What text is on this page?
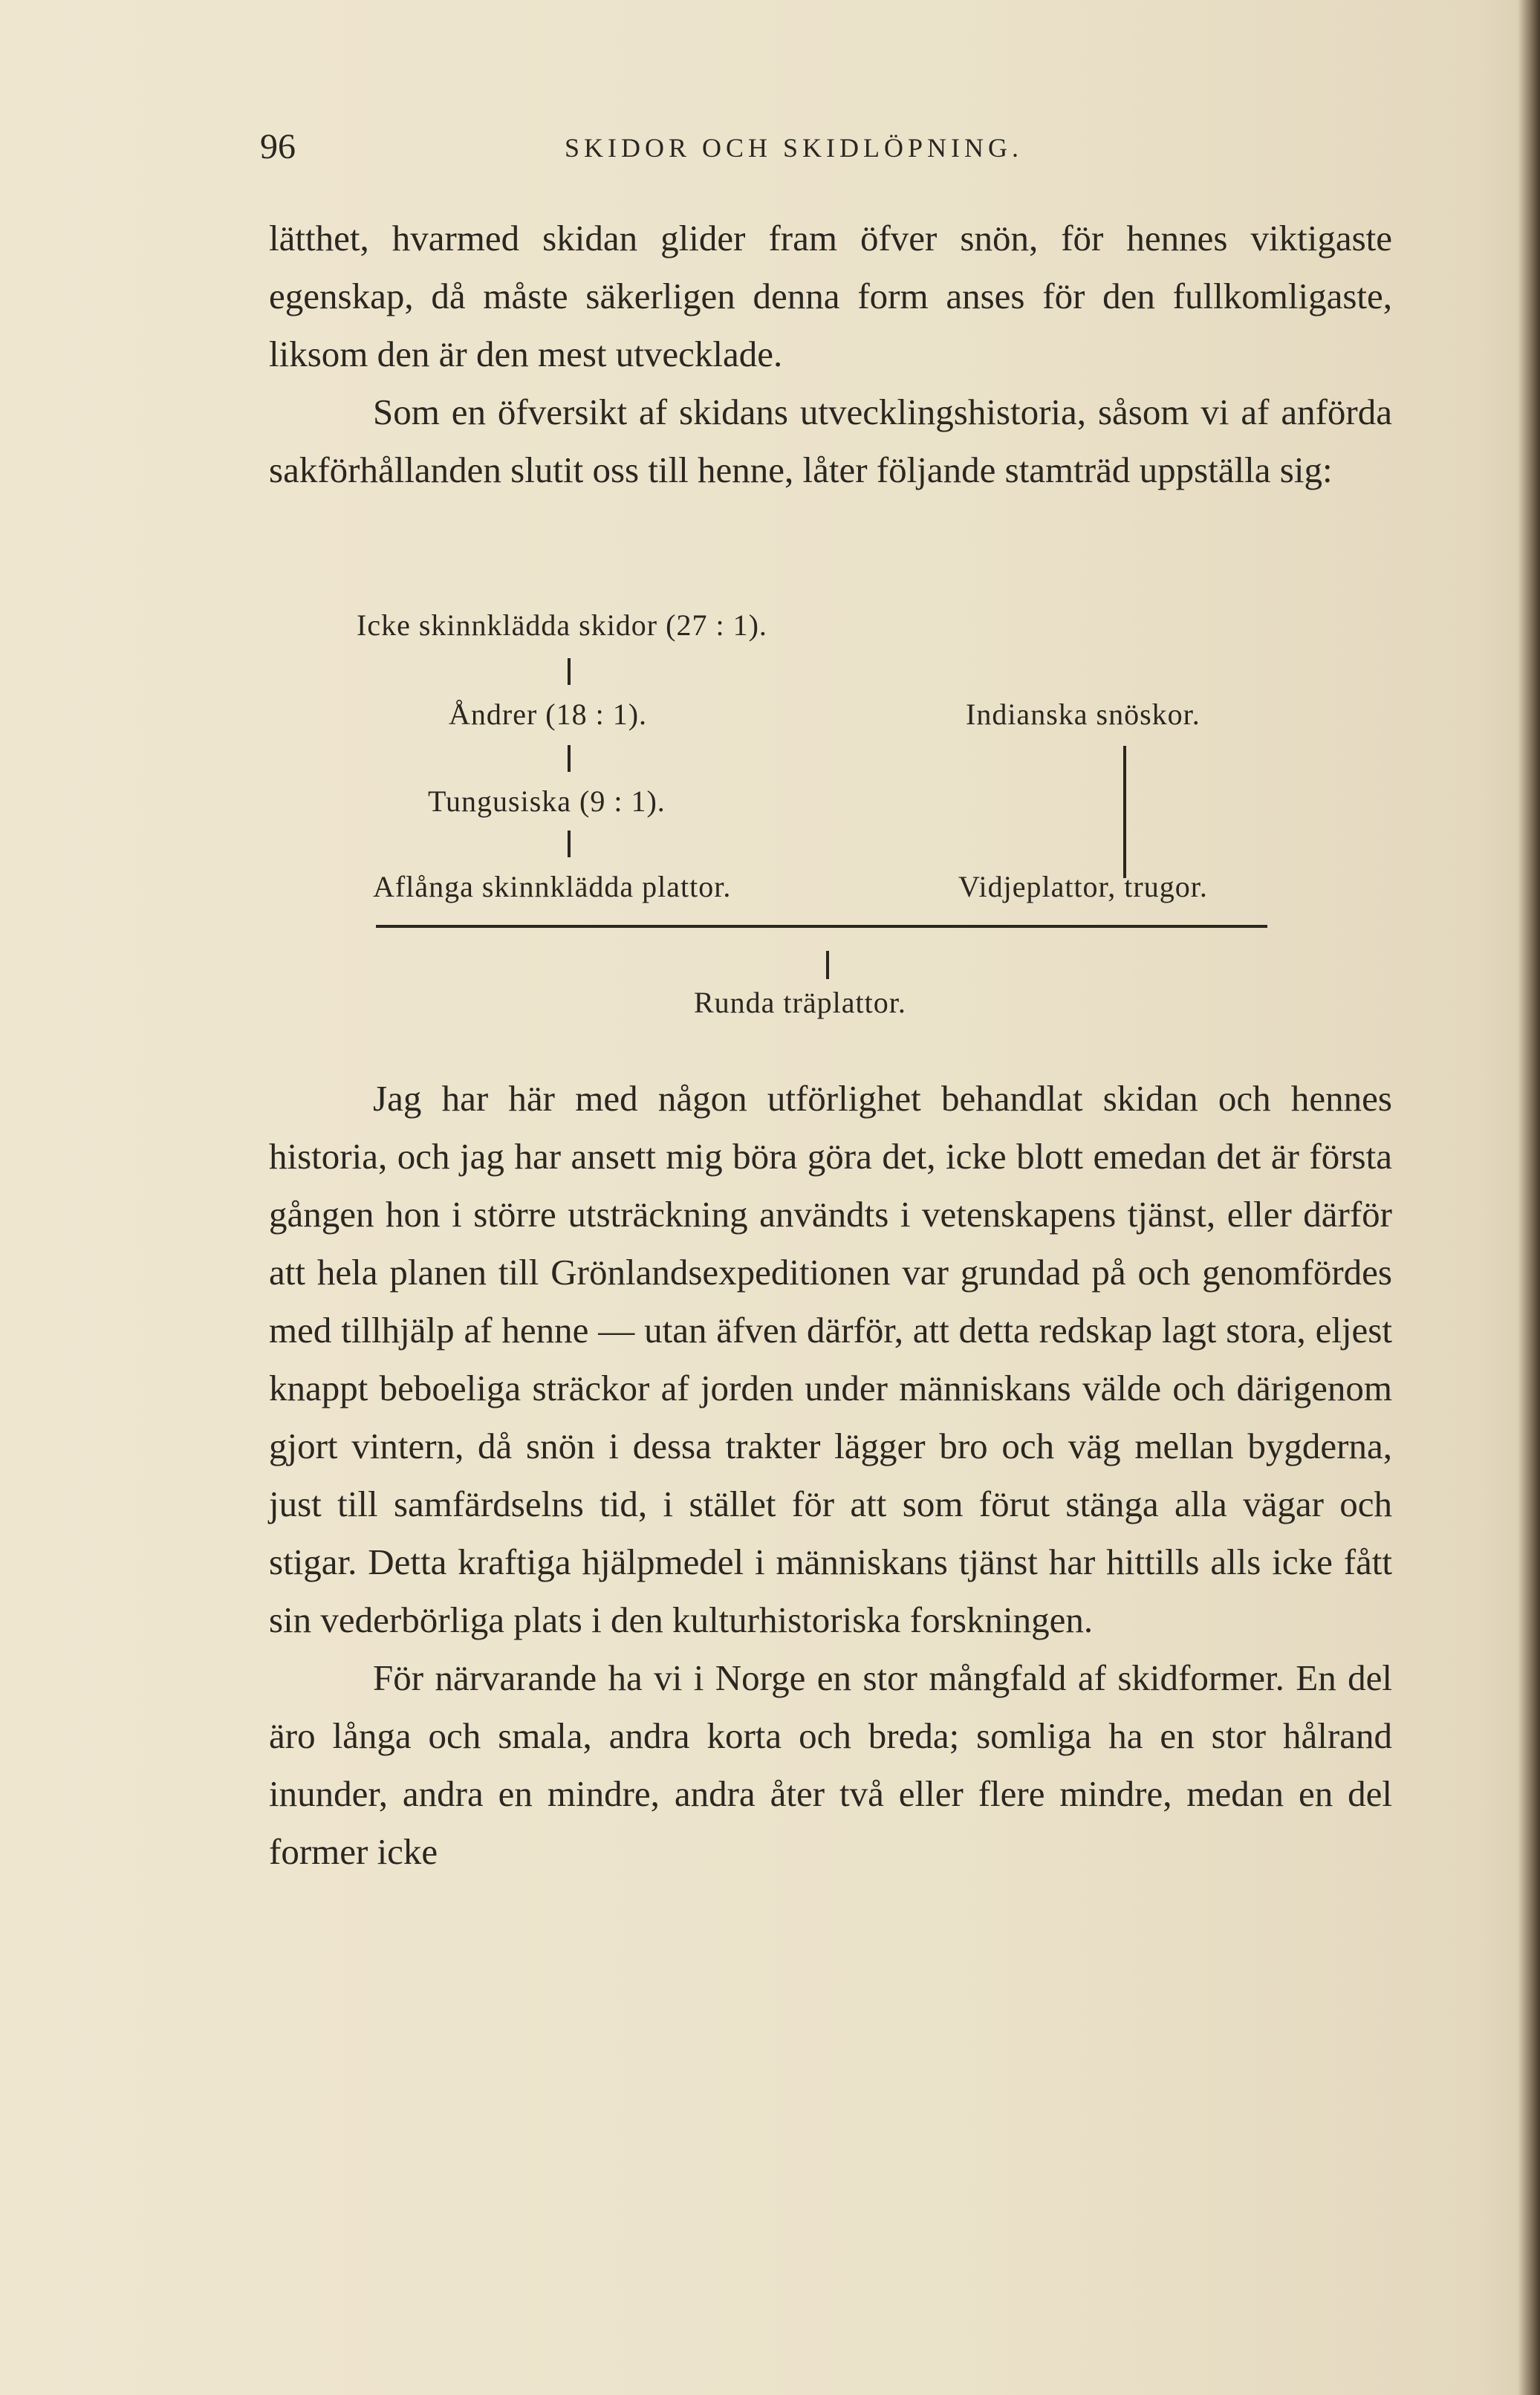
96	SKIDOR OCH SKIDLÖPNING.

lätthet, hvarmed skidan glider fram öfver snön, för hennes viktigaste egenskap, då måste säkerligen denna form anses för den fullkomligaste, liksom den är den mest utvecklade.

Som en öfversikt af skidans utvecklingshistoria, såsom vi af anförda sakförhållanden slutit oss till henne, låter följande stamträd uppställa sig:

Icke skinnklädda skidor (27 : 1).
Åndrer (18 : 1).
Tungusiska (9 : 1).
Aflånga skinnklädda plattor.
Indianska snöskor.
Vidjeplattor, trugor.
Runda träplattor.

Jag har här med någon utförlighet behandlat skidan och hennes historia, och jag har ansett mig böra göra det, icke blott emedan det är första gången hon i större utsträckning användts i vetenskapens tjänst, eller därför att hela planen till Grönlandsexpeditionen var grundad på och genomfördes med tillhjälp af henne — utan äfven därför, att detta redskap lagt stora, eljest knappt beboeliga sträckor af jorden under människans välde och därigenom gjort vintern, då snön i dessa trakter lägger bro och väg mellan bygderna, just till samfärdselns tid, i stället för att som förut stänga alla vägar och stigar. Detta kraftiga hjälpmedel i människans tjänst har hittills alls icke fått sin vederbörliga plats i den kulturhistoriska forskningen.

För närvarande ha vi i Norge en stor mångfald af skidformer. En del äro långa och smala, andra korta och breda; somliga ha en stor hålrand inunder, andra en mindre, andra åter två eller flere mindre, medan en del former icke
